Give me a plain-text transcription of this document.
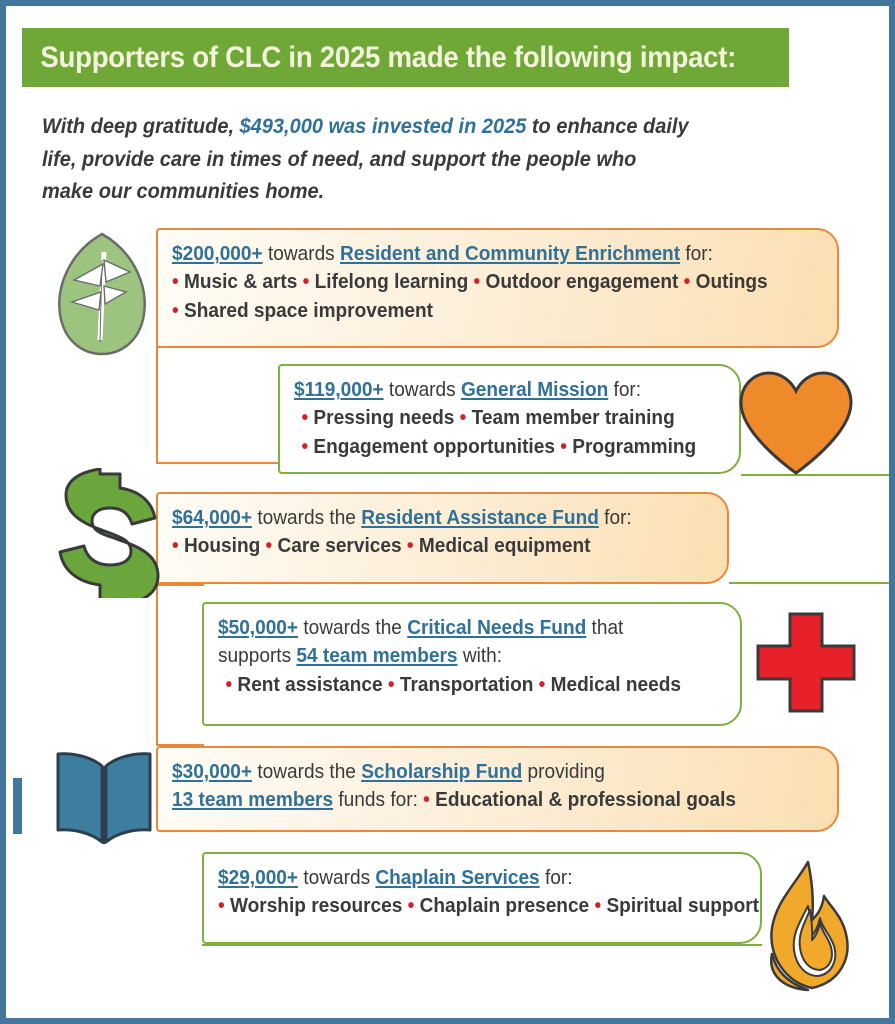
Supporters of CLC in 2025 made the following impact:
With deep gratitude, $493,000 was invested in 2025 to enhance daily life, provide care in times of need, and support the people who make our communities home.
$200,000+ towards Resident and Community Enrichment for:
• Music & arts • Lifelong learning • Outdoor engagement • Outings
• Shared space improvement
$119,000+ towards General Mission for:
• Pressing needs • Team member training
• Engagement opportunities • Programming
$64,000+ towards the Resident Assistance Fund for:
• Housing • Care services • Medical equipment
$50,000+ towards the Critical Needs Fund that
supports 54 team members with:
• Rent assistance • Transportation • Medical needs
$30,000+ towards the Scholarship Fund providing
13 team members funds for: • Educational & professional goals
$29,000+ towards Chaplain Services for:
• Worship resources • Chaplain presence • Spiritual support
